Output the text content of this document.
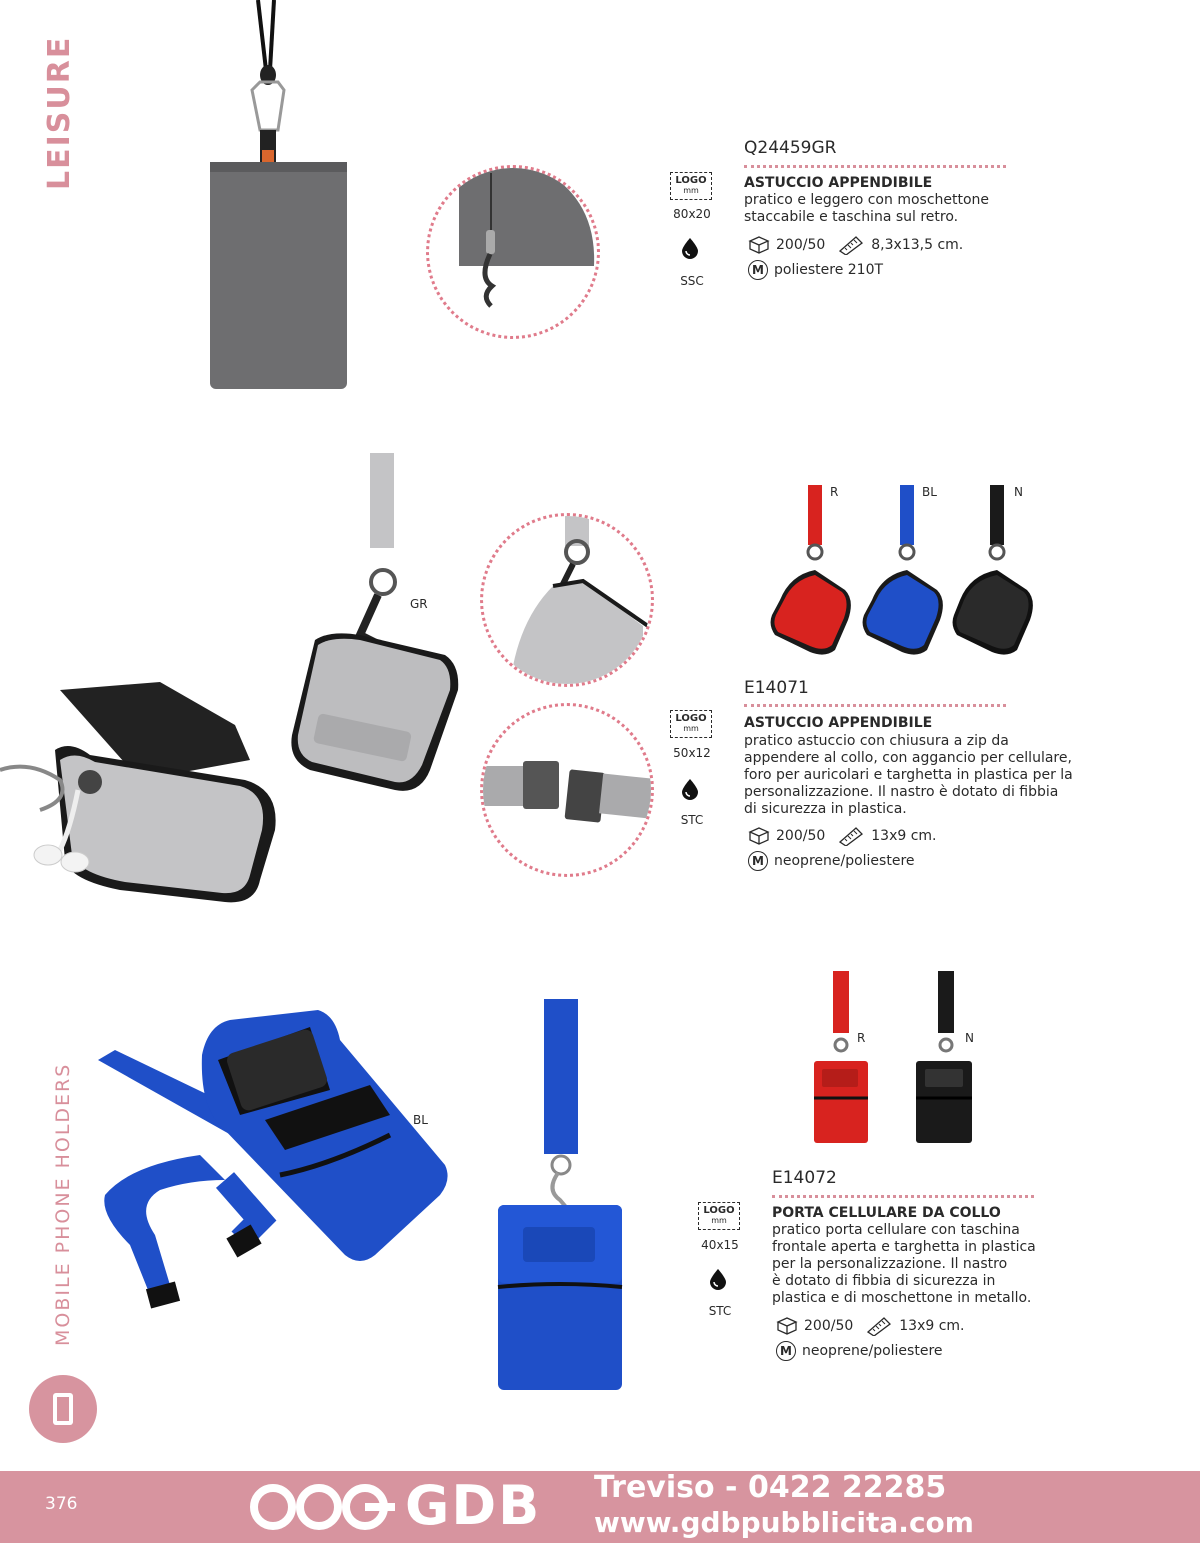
LEISURE
MOBILE PHONE HOLDERS
LOGO
mm
80x20
SSC
Q24459GR
ASTUCCIO APPENDIBILE
pratico e leggero con moschettone
staccabile e taschina sul retro.
200/50	8,3x13,5 cm.
M poliestere 210T
GR
R	BL	N
LOGO
mm
50x12
STC
E14071
ASTUCCIO APPENDIBILE
pratico astuccio con chiusura a zip da
appendere al collo, con aggancio per cellulare,
foro per auricolari e targhetta in plastica per la
personalizzazione. Il nastro è dotato di fibbia
di sicurezza in plastica.
200/50	13x9 cm.
M neoprene/poliestere
BL
R	N
LOGO
mm
40x15
STC
E14072
PORTA CELLULARE DA COLLO
pratico porta cellulare con taschina
frontale aperta e targhetta in plastica
per la personalizzazione. Il nastro
è dotato di fibbia di sicurezza in
plastica e di moschettone in metallo.
200/50	13x9 cm.
M neoprene/poliestere
376	GDB Treviso - 0422 22285
www.gdbpubblicita.com
